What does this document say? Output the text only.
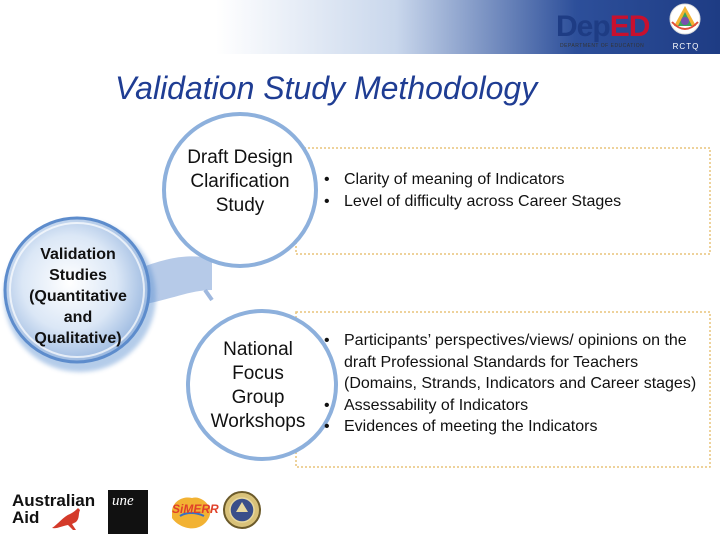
DepED
DEPARTMENT OF EDUCATION	RCTQ
Validation Study Methodology
Draft Design
Clarification
Study
National
Focus
Group
Workshops
Validation
Studies
(Quantitative
and
Qualitative)
• Clarity of meaning of Indicators
• Level of difficulty across Career Stages
• Participants’ perspectives/views/ opinions on the draft Professional Standards for Teachers (Domains, Strands, Indicators and Career stages)
• Assessability of Indicators
• Evidences of meeting the Indicators
Australian
Aid
une	SiMERR
